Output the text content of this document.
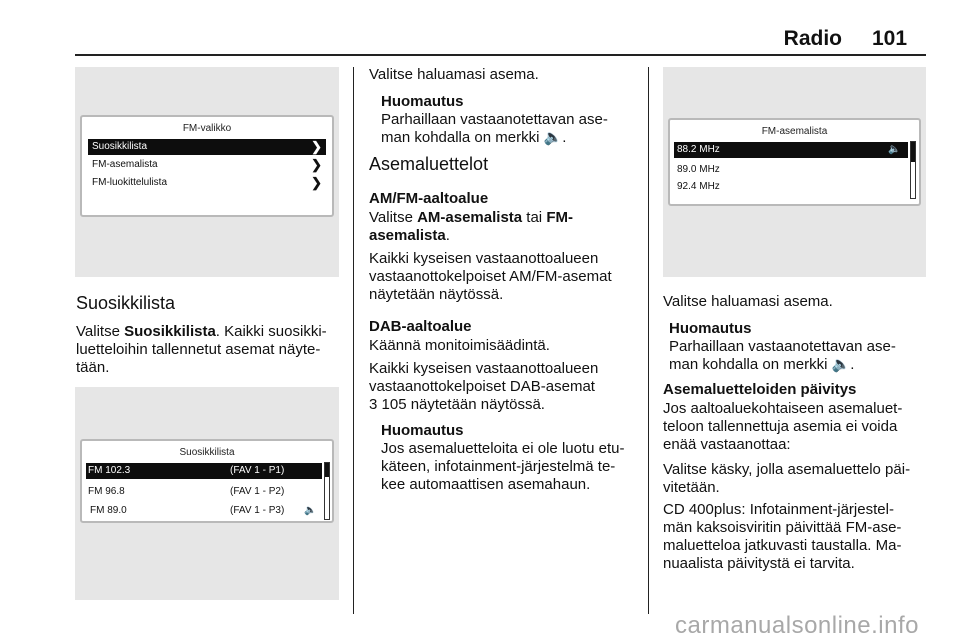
Radio 101
FM-valikko
Suosikkilista	❯
FM-asemalista	❯
FM-luokittelulista	❯
Suosikkilista
Valitse Suosikkilista. Kaikki suosikki-
luetteloihin tallennetut asemat näyte-
tään.
Suosikkilista
FM 102.3	(FAV 1 - P1)
FM 96.8	(FAV 1 - P2)
FM 89.0	(FAV 1 - P3) 🔈
Valitse haluamasi asema.
Huomautus
Parhaillaan vastaanotettavan ase-
man kohdalla on merkki 🔈.
Asemaluettelot
AM/FM-aaltoalue
Valitse AM-asemalista tai FM-
asemalista.
Kaikki kyseisen vastaanottoalueen
vastaanottokelpoiset AM/FM-asemat
näytetään näytössä.
DAB-aaltoalue
Käännä monitoimisäädintä.
Kaikki kyseisen vastaanottoalueen
vastaanottokelpoiset DAB-asemat
3 105 näytetään näytössä.
Huomautus
Jos asemaluetteloita ei ole luotu etu-
käteen, infotainment-järjestelmä te-
kee automaattisen asemahaun.
FM-asemalista
88.2 MHz	🔈
89.0 MHz
92.4 MHz
Valitse haluamasi asema.
Huomautus
Parhaillaan vastaanotettavan ase-
man kohdalla on merkki 🔈.
Asemaluetteloiden päivitys
Jos aaltoaluekohtaiseen asemaluet-
teloon tallennettuja asemia ei voida
enää vastaanottaa:
Valitse käsky, jolla asemaluettelo päi-
vitetään.
CD 400plus: Infotainment-järjestel-
män kaksoisviritin päivittää FM-ase-
maluetteloa jatkuvasti taustalla. Ma-
nuaalista päivitystä ei tarvita.
carmanualsonline.info
